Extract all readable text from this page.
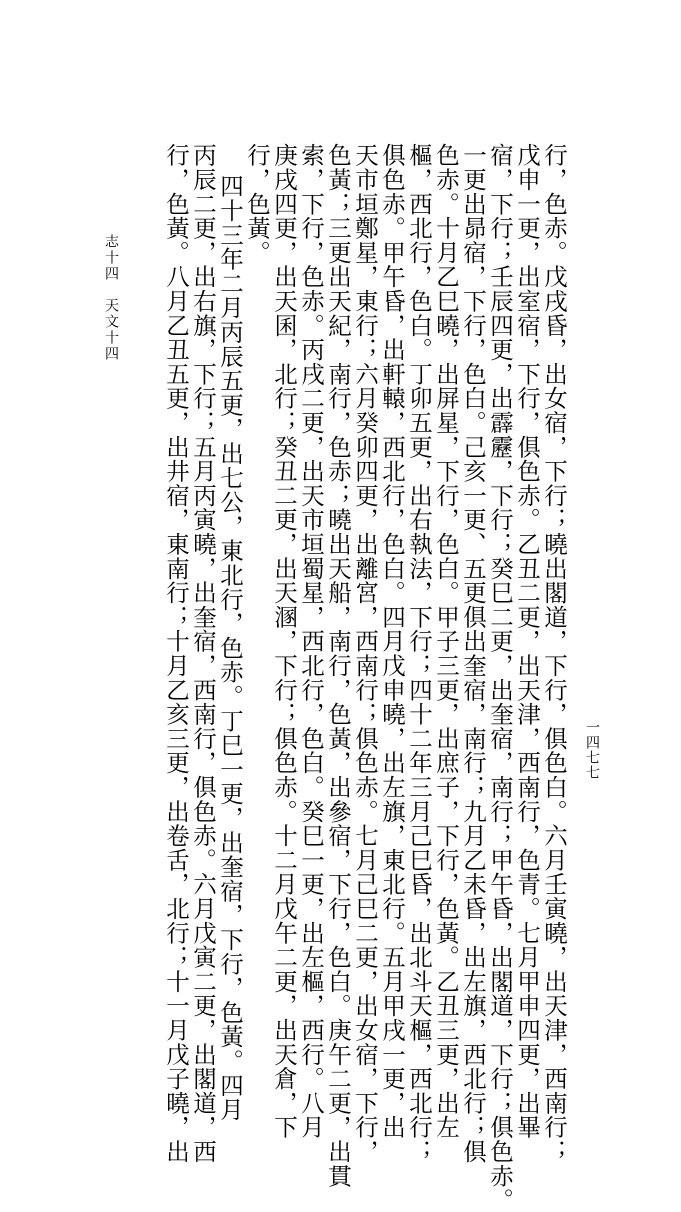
志十四　天文十四

一四七七
行，色赤。戊戌昏，出女宿，下行；曉出閣道，下行，俱色白。六月壬寅曉，出天津，西南行；
戊申一更，出室宿，下行，俱色赤。乙丑二更，出天津，西南行，色青。七月甲申四更，出畢
宿，下行；壬辰四更，出霹靂，下行；癸巳二更，出奎宿，南行；甲午昏，出閣道，下行；俱色赤。
一更出昴宿，下行，色白。己亥一更、五更俱出奎宿，南行；九月乙未昏，出左旗，西北行；俱
色赤。十月乙巳曉，出屏星，下行，色白。甲子三更，出庶子，下行，色黃。乙丑三更，出左
樞，西北行，色白。丁卯五更，出右執法，下行；四十二年三月己巳昏，出北斗天樞，西北行；
俱色赤。甲午昏，出軒轅，西北行，色白。四月戊申曉，出左旗，東北行。五月甲戌一更，出
天市垣鄭星，東行；六月癸卯四更，出離宮，西南行；俱色赤。七月己巳二更，出女宿，下行，
色黃；三更出天紀，南行，色赤；曉出天船，南行，色黃，出參宿，下行，色白。庚午二更，出貫
索，下行，色赤。丙戌二更，出天市垣蜀星，西北行，色白。癸巳一更，出左樞，西行。八月
庚戌四更，出天囷，北行；癸丑二更，出天溷，下行；俱色赤。十二月戊午二更，出天倉，下
行，色黃。
四十三年二月丙辰五更，出七公，東北行，色赤。丁巳一更，出奎宿，下行，色黃。四月
丙辰二更，出右旗，下行；五月丙寅曉，出奎宿，西南行，俱色赤。六月戊寅二更，出閣道，西
行，色黃。八月乙丑五更，出井宿，東南行；十月乙亥三更，出卷舌，北行；十一月戊子曉，出
